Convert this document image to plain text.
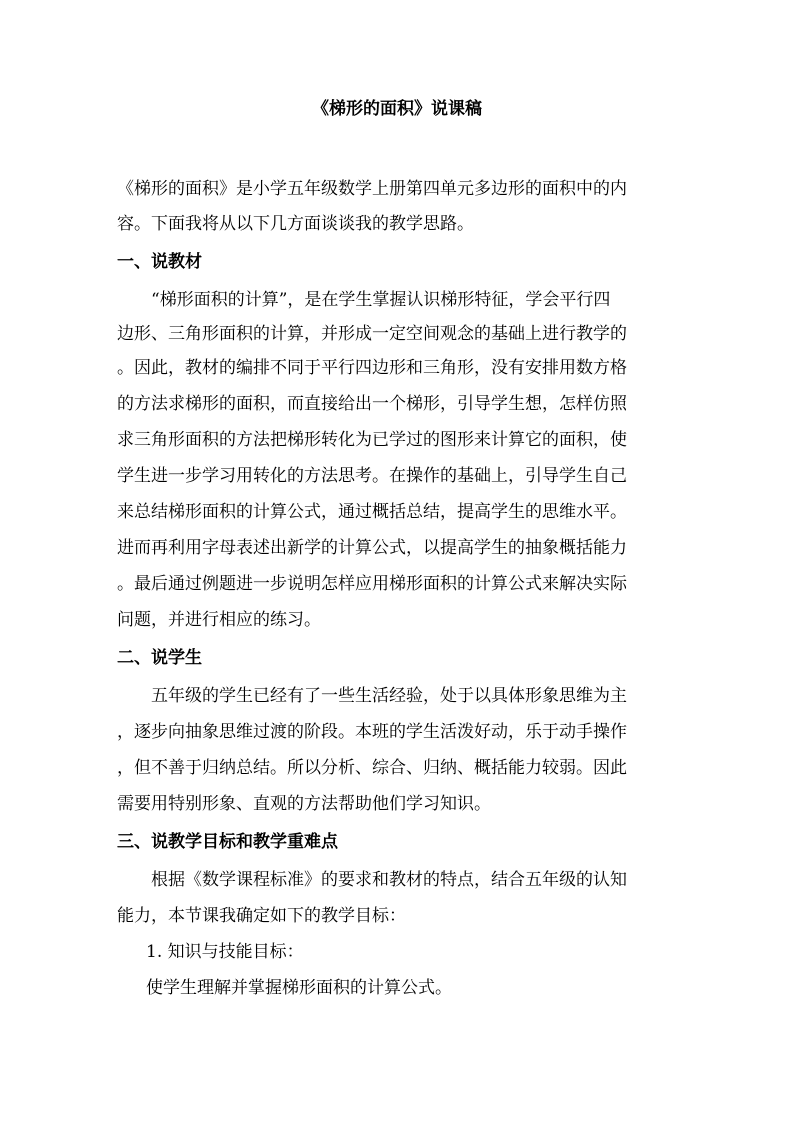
《梯形的面积》说课稿
《梯形的面积》是小学五年级数学上册第四单元多边形的面积中的内
容。下面我将从以下几方面谈谈我的教学思路。
一、说教材
“梯形面积的计算”，是在学生掌握认识梯形特征，学会平行四
边形、三角形面积的计算，并形成一定空间观念的基础上进行教学的
。因此，教材的编排不同于平行四边形和三角形，没有安排用数方格
的方法求梯形的面积，而直接给出一个梯形，引导学生想，怎样仿照
求三角形面积的方法把梯形转化为已学过的图形来计算它的面积，使
学生进一步学习用转化的方法思考。在操作的基础上，引导学生自己
来总结梯形面积的计算公式，通过概括总结，提高学生的思维水平。
进而再利用字母表述出新学的计算公式，以提高学生的抽象概括能力
。最后通过例题进一步说明怎样应用梯形面积的计算公式来解决实际
问题，并进行相应的练习。
二、说学生
五年级的学生已经有了一些生活经验，处于以具体形象思维为主
，逐步向抽象思维过渡的阶段。本班的学生活泼好动，乐于动手操作
，但不善于归纳总结。所以分析、综合、归纳、概括能力较弱。因此
需要用特别形象、直观的方法帮助他们学习知识。
三、说教学目标和教学重难点
根据《数学课程标准》的要求和教材的特点，结合五年级的认知
能力，本节课我确定如下的教学目标：
1. 知识与技能目标：
使学生理解并掌握梯形面积的计算公式。
